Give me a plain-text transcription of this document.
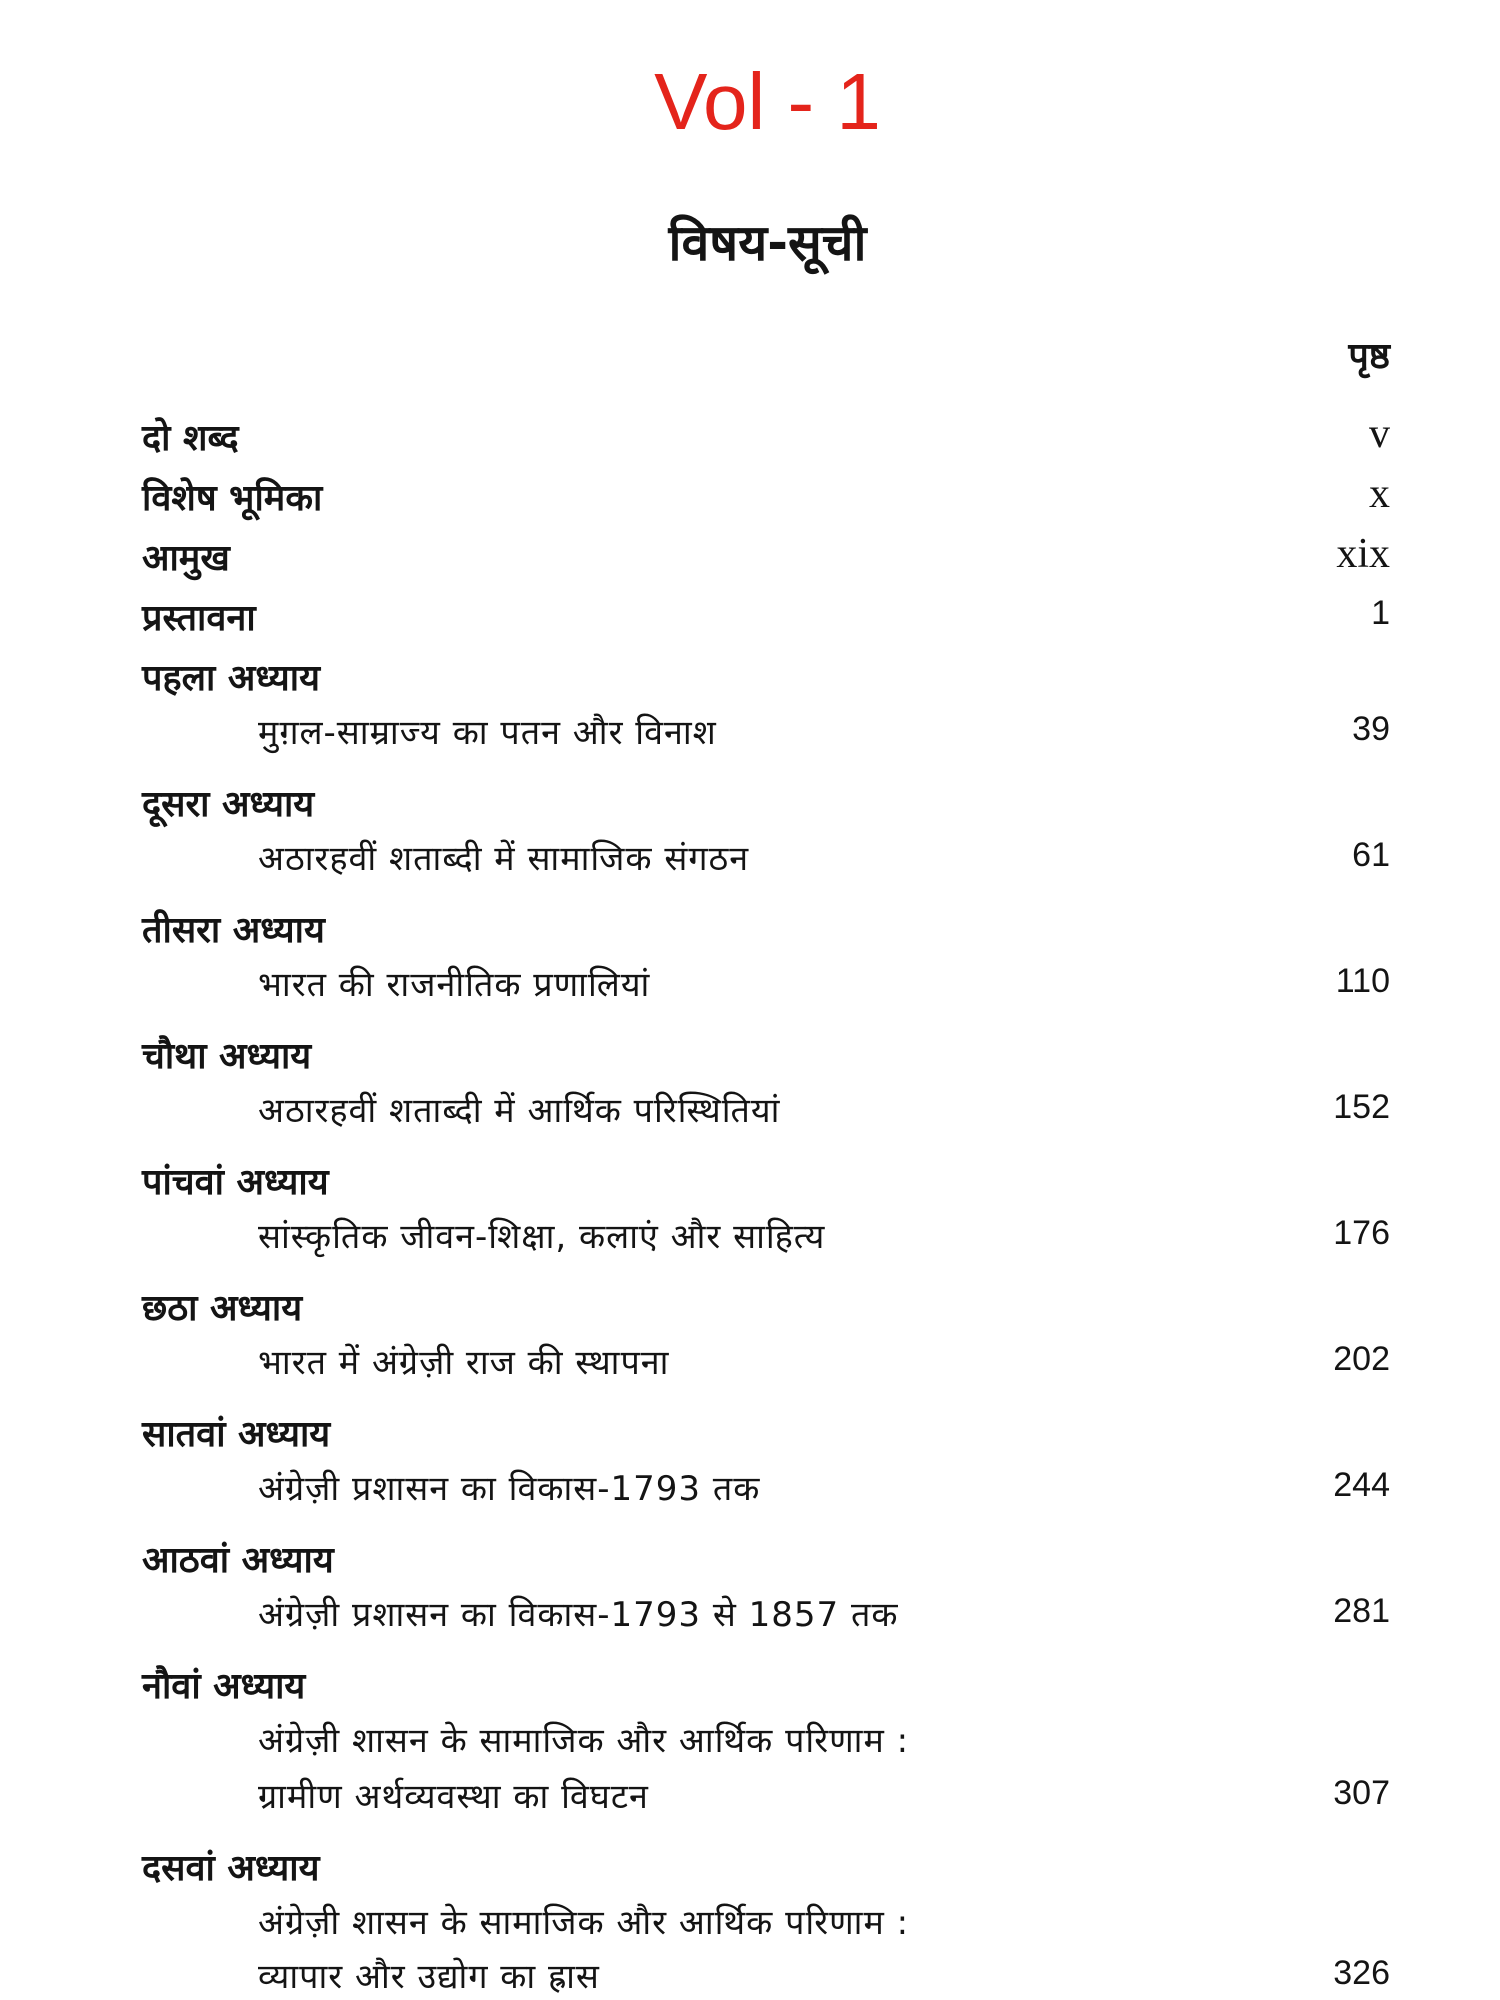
Vol - 1
विषय-सूची
पृष्ठ
दो शब्द	v
विशेष भूमिका	x
आमुख	xix
प्रस्तावना	1
पहला अध्याय
मुग़ल-साम्राज्य का पतन और विनाश	39
दूसरा अध्याय
अठारहवीं शताब्दी में सामाजिक संगठन	61
तीसरा अध्याय
भारत की राजनीतिक प्रणालियां	110
चौथा अध्याय
अठारहवीं शताब्दी में आर्थिक परिस्थितियां	152
पांचवां अध्याय
सांस्कृतिक जीवन-शिक्षा, कलाएं और साहित्य	176
छठा अध्याय
भारत में अंग्रेज़ी राज की स्थापना	202
सातवां अध्याय
अंग्रेज़ी प्रशासन का विकास-1793 तक	244
आठवां अध्याय
अंग्रेज़ी प्रशासन का विकास-1793 से 1857 तक	281
नौवां अध्याय
अंग्रेज़ी शासन के सामाजिक और आर्थिक परिणाम :
ग्रामीण अर्थव्यवस्था का विघटन	307
दसवां अध्याय
अंग्रेज़ी शासन के सामाजिक और आर्थिक परिणाम :
व्यापार और उद्योग का ह्रास	326
